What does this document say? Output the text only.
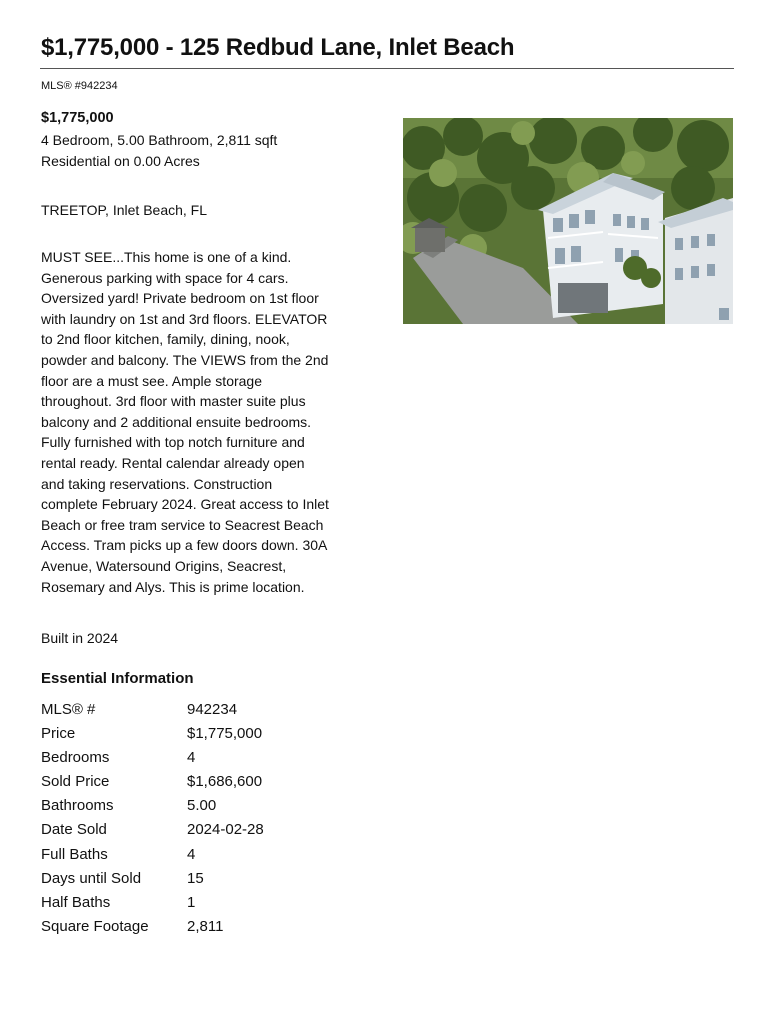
$1,775,000 - 125 Redbud Lane, Inlet Beach
MLS® #942234
$1,775,000
4 Bedroom, 5.00 Bathroom, 2,811 sqft
Residential on 0.00 Acres
TREETOP, Inlet Beach, FL
MUST SEE...This home is one of a kind.
Generous parking with space for 4 cars.
Oversized yard! Private bedroom on 1st floor
with laundry on 1st and 3rd floors. ELEVATOR
to 2nd floor kitchen, family, dining, nook,
powder and balcony. The VIEWS from the 2nd
floor are a must see. Ample storage
throughout. 3rd floor with master suite plus
balcony and 2 additional ensuite bedrooms.
Fully furnished with top notch furniture and
rental ready. Rental calendar already open
and taking reservations. Construction
complete February 2024. Great access to Inlet
Beach or free tram service to Seacrest Beach
Access. Tram picks up a few doors down. 30A
Avenue, Watersound Origins, Seacrest,
Rosemary and Alys. This is prime location.
Built in 2024
Essential Information
MLS® #	942234
Price	$1,775,000
Bedrooms	4
Sold Price	$1,686,600
Bathrooms	5.00
Date Sold	2024-02-28
Full Baths	4
Days until Sold	15
Half Baths	1
Square Footage	2,811
